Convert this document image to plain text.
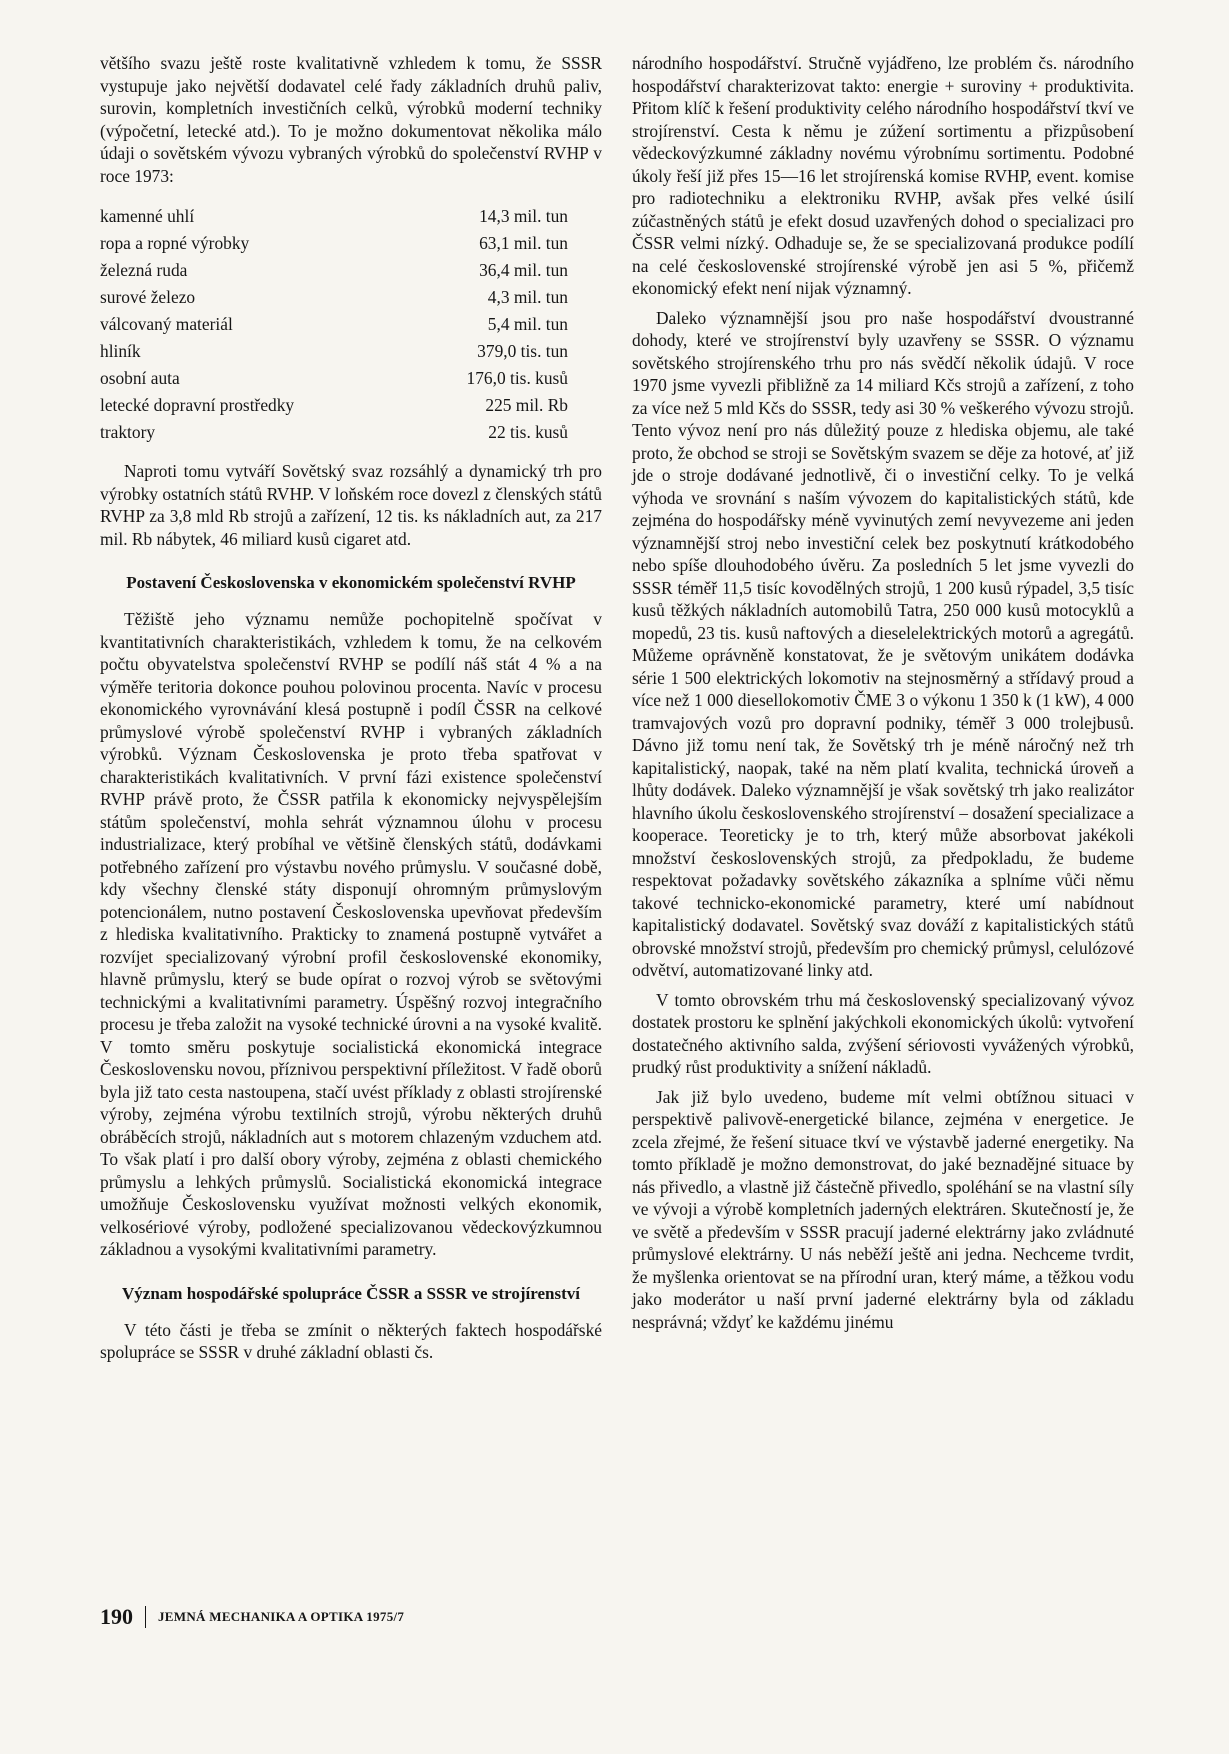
většího svazu ještě roste kvalitativně vzhledem k tomu, že SSSR vystupuje jako největší dodavatel celé řady základních druhů paliv, surovin, kompletních investičních celků, výrobků moderní techniky (výpočetní, letecké atd.). To je možno dokumentovat několika málo údaji o sovětském vývozu vybraných výrobků do společenství RVHP v roce 1973:

kamenné uhlí	14,3 mil. tun
ropa a ropné výrobky	63,1 mil. tun
železná ruda	36,4 mil. tun
surové železo	4,3 mil. tun
válcovaný materiál	5,4 mil. tun
hliník	379,0 tis. tun
osobní auta	176,0 tis. kusů
letecké dopravní prostředky	225 mil. Rb
traktory	22 tis. kusů

Naproti tomu vytváří Sovětský svaz rozsáhlý a dynamický trh pro výrobky ostatních států RVHP. V loňském roce dovezl z členských států RVHP za 3,8 mld Rb strojů a zařízení, 12 tis. ks nákladních aut, za 217 mil. Rb nábytek, 46 miliard kusů cigaret atd.

Postavení Československa v ekonomickém společenství RVHP

Těžiště jeho významu nemůže pochopitelně spočívat v kvantitativních charakteristikách, vzhledem k tomu, že na celkovém počtu obyvatelstva společenství RVHP se podílí náš stát 4 % a na výměře teritoria dokonce pouhou polovinou procenta. Navíc v procesu ekonomického vyrovnávání klesá postupně i podíl ČSSR na celkové průmyslové výrobě společenství RVHP i vybraných základních výrobků. Význam Československa je proto třeba spatřovat v charakteristikách kvalitativních. V první fázi existence společenství RVHP právě proto, že ČSSR patřila k ekonomicky nejvyspělejším státům společenství, mohla sehrát významnou úlohu v procesu industrializace, který probíhal ve většině členských států, dodávkami potřebného zařízení pro výstavbu nového průmyslu. V současné době, kdy všechny členské státy disponují ohromným průmyslovým potencionálem, nutno postavení Československa upevňovat především z hlediska kvalitativního. Prakticky to znamená postupně vytvářet a rozvíjet specializovaný výrobní profil československé ekonomiky, hlavně průmyslu, který se bude opírat o rozvoj výrob se světovými technickými a kvalitativními parametry. Úspěšný rozvoj integračního procesu je třeba založit na vysoké technické úrovni a na vysoké kvalitě. V tomto směru poskytuje socialistická ekonomická integrace Československu novou, příznivou perspektivní příležitost. V řadě oborů byla již tato cesta nastoupena, stačí uvést příklady z oblasti strojírenské výroby, zejména výrobu textilních strojů, výrobu některých druhů obráběcích strojů, nákladních aut s motorem chlazeným vzduchem atd. To však platí i pro další obory výroby, zejména z oblasti chemického průmyslu a lehkých průmyslů. Socialistická ekonomická integrace umožňuje Československu využívat možnosti velkých ekonomik, velkosériové výroby, podložené specializovanou vědeckovýzkumnou základnou a vysokými kvalitativními parametry.

Význam hospodářské spolupráce ČSSR a SSSR ve strojírenství

V této části je třeba se zmínit o některých faktech hospodářské spolupráce se SSSR v druhé základní oblasti čs.

národního hospodářství. Stručně vyjádřeno, lze problém čs. národního hospodářství charakterizovat takto: energie + suroviny + produktivita. Přitom klíč k řešení produktivity celého národního hospodářství tkví ve strojírenství. Cesta k němu je zúžení sortimentu a přizpůsobení vědeckovýzkumné základny novému výrobnímu sortimentu. Podobné úkoly řeší již přes 15—16 let strojírenská komise RVHP, event. komise pro radiotechniku a elektroniku RVHP, avšak přes velké úsilí zúčastněných států je efekt dosud uzavřených dohod o specializaci pro ČSSR velmi nízký. Odhaduje se, že se specializovaná produkce podílí na celé československé strojírenské výrobě jen asi 5 %, přičemž ekonomický efekt není nijak významný.

Daleko významnější jsou pro naše hospodářství dvoustranné dohody, které ve strojírenství byly uzavřeny se SSSR. O významu sovětského strojírenského trhu pro nás svědčí několik údajů. V roce 1970 jsme vyvezli přibližně za 14 miliard Kčs strojů a zařízení, z toho za více než 5 mld Kčs do SSSR, tedy asi 30 % veškerého vývozu strojů. Tento vývoz není pro nás důležitý pouze z hlediska objemu, ale také proto, že obchod se stroji se Sovětským svazem se děje za hotové, ať již jde o stroje dodávané jednotlivě, či o investiční celky. To je velká výhoda ve srovnání s naším vývozem do kapitalistických států, kde zejména do hospodářsky méně vyvinutých zemí nevyvezeme ani jeden významnější stroj nebo investiční celek bez poskytnutí krátkodobého nebo spíše dlouhodobého úvěru. Za posledních 5 let jsme vyvezli do SSSR téměř 11,5 tisíc kovodělných strojů, 1 200 kusů rýpadel, 3,5 tisíc kusů těžkých nákladních automobilů Tatra, 250 000 kusů motocyklů a mopedů, 23 tis. kusů naftových a dieselelektrických motorů a agregátů. Můžeme oprávněně konstatovat, že je světovým unikátem dodávka série 1 500 elektrických lokomotiv na stejnosměrný a střídavý proud a více než 1 000 diesellokomotiv ČME 3 o výkonu 1 350 k (1 kW), 4 000 tramvajových vozů pro dopravní podniky, téměř 3 000 trolejbusů. Dávno již tomu není tak, že Sovětský trh je méně náročný než trh kapitalistický, naopak, také na něm platí kvalita, technická úroveň a lhůty dodávek. Daleko významnější je však sovětský trh jako realizátor hlavního úkolu československého strojírenství – dosažení specializace a kooperace. Teoreticky je to trh, který může absorbovat jakékoli množství československých strojů, za předpokladu, že budeme respektovat požadavky sovětského zákazníka a splníme vůči němu takové technicko-ekonomické parametry, které umí nabídnout kapitalistický dodavatel. Sovětský svaz dováží z kapitalistických států obrovské množství strojů, především pro chemický průmysl, celulózové odvětví, automatizované linky atd.

V tomto obrovském trhu má československý specializovaný vývoz dostatek prostoru ke splnění jakýchkoli ekonomických úkolů: vytvoření dostatečného aktivního salda, zvýšení sériovosti vyvážených výrobků, prudký růst produktivity a snížení nákladů.

Jak již bylo uvedeno, budeme mít velmi obtížnou situaci v perspektivě palivově-energetické bilance, zejména v energetice. Je zcela zřejmé, že řešení situace tkví ve výstavbě jaderné energetiky. Na tomto příkladě je možno demonstrovat, do jaké beznadějné situace by nás přivedlo, a vlastně již částečně přivedlo, spoléhání se na vlastní síly ve vývoji a výrobě kompletních jaderných elektráren. Skutečností je, že ve světě a především v SSSR pracují jaderné elektrárny jako zvládnuté průmyslové elektrárny. U nás neběží ještě ani jedna. Nechceme tvrdit, že myšlenka orientovat se na přírodní uran, který máme, a těžkou vodu jako moderátor u naší první jaderné elektrárny byla od základu nesprávná; vždyť ke každému jinému

190 JEMNÁ MECHANIKA A OPTIKA 1975/7
